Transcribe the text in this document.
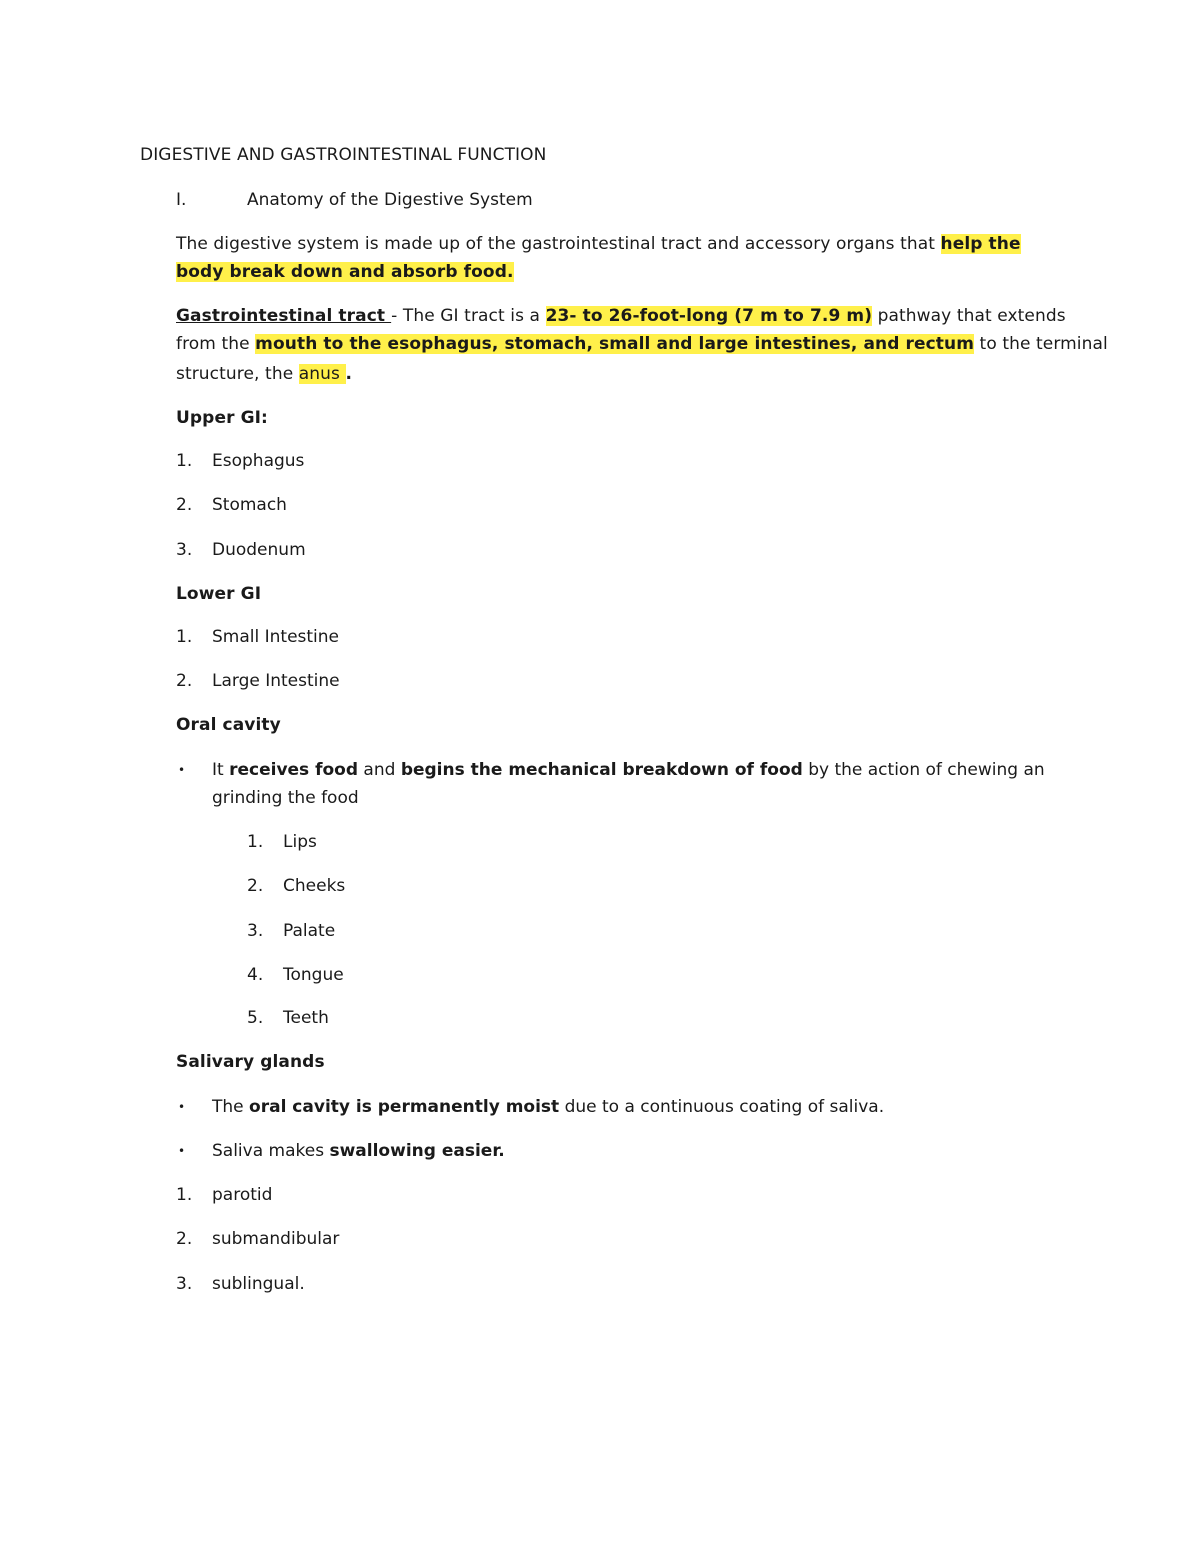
DIGESTIVE AND GASTROINTESTINAL FUNCTION
I.	Anatomy of the Digestive System
The digestive system is made up of the gastrointestinal tract and accessory organs that help the
body break down and absorb food.
Gastrointestinal tract - The GI tract is a 23- to 26-foot-long (7 m to 7.9 m) pathway that extends
from the mouth to the esophagus, stomach, small and large intestines, and rectum to the terminal
structure, the anus .
Upper GI:
1. Esophagus
2. Stomach
3. Duodenum
Lower GI
1. Small Intestine
2. Large Intestine
Oral cavity
• It receives food and begins the mechanical breakdown of food by the action of chewing an
grinding the food
1. Lips
2. Cheeks
3. Palate
4. Tongue
5. Teeth
Salivary glands
• The oral cavity is permanently moist due to a continuous coating of saliva.
• Saliva makes swallowing easier.
1. parotid
2. submandibular
3. sublingual.
